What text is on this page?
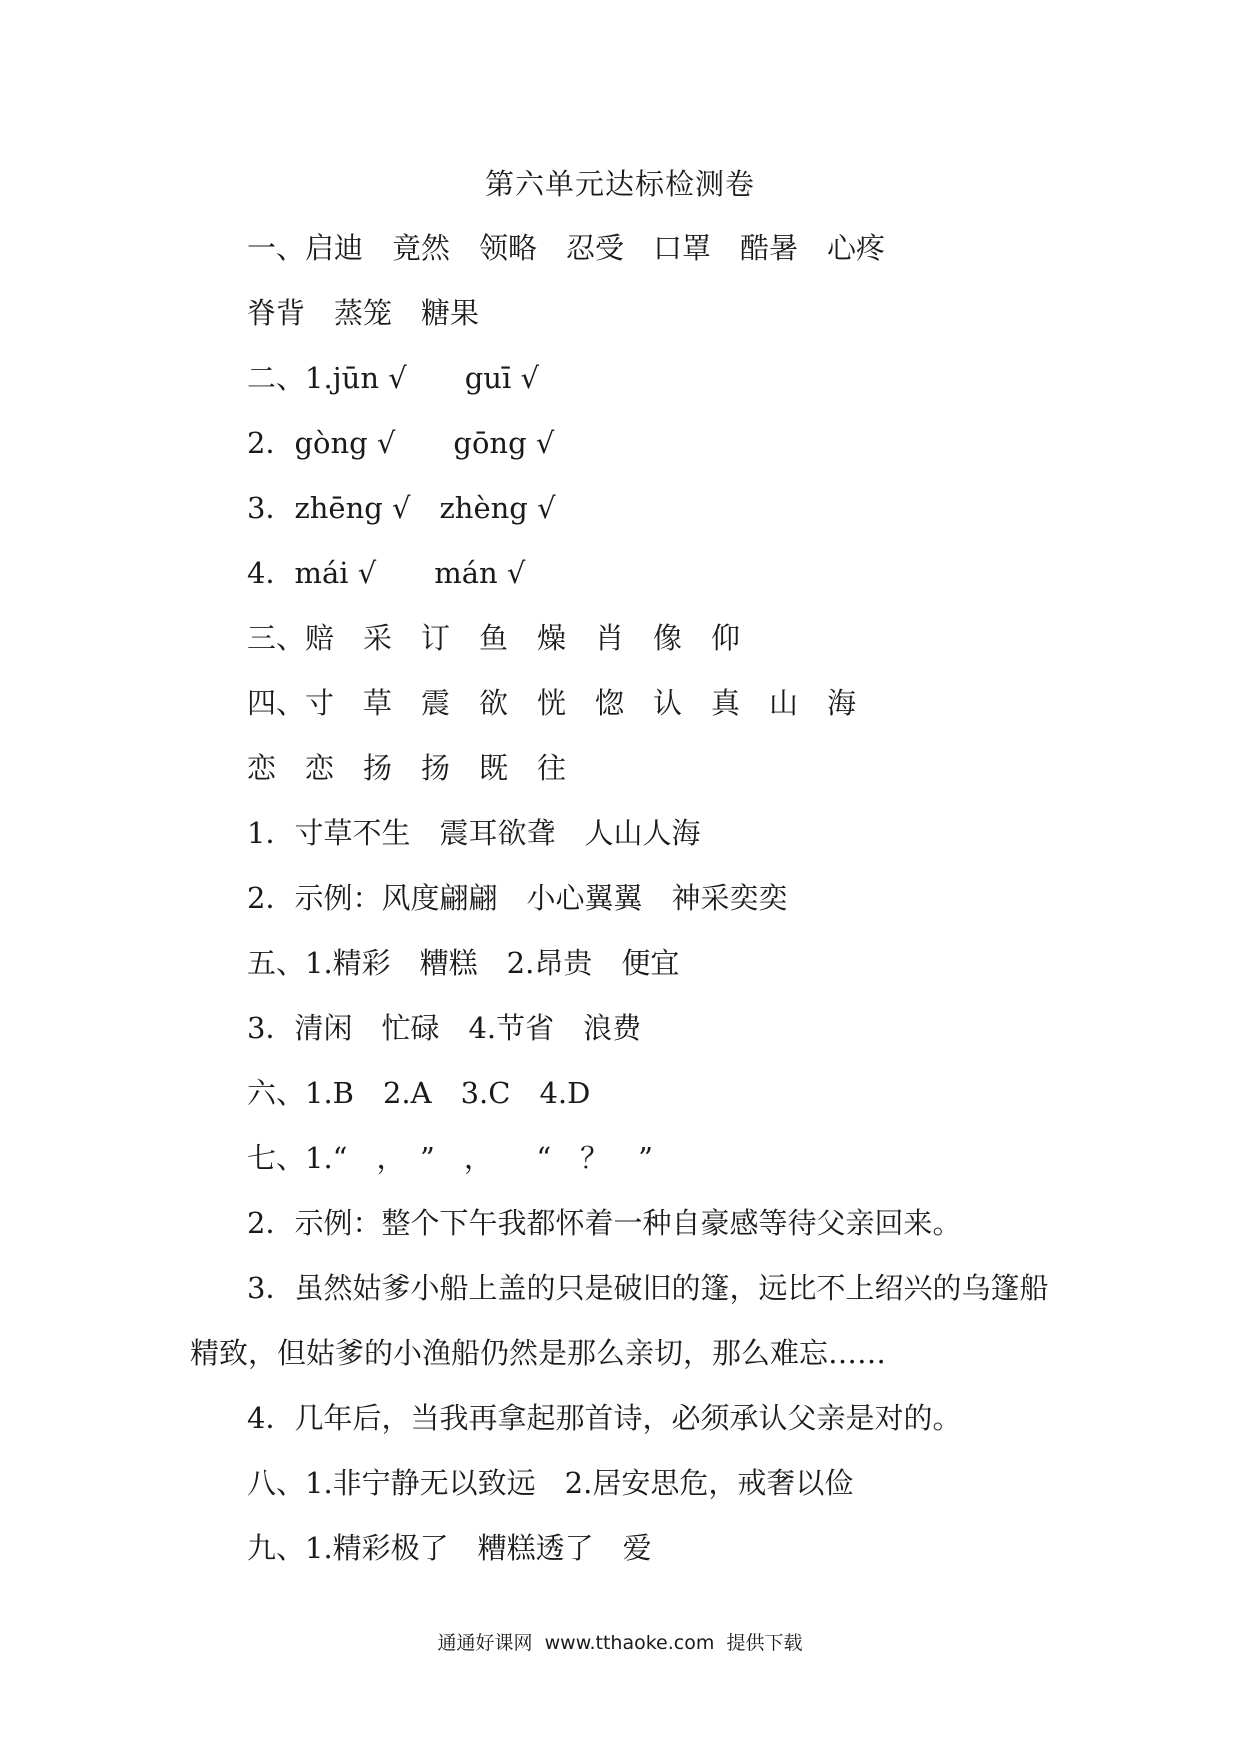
第六单元达标检测卷
一、启迪　竟然　领略　忍受　口罩　酷暑　心疼
脊背　蒸笼　糖果
二、1.jūn √　　guī √
2．gòng √　　gōng √
3．zhēng √　zhèng √
4．mái √　　mán √
三、赔　采　订　鱼　燥　肖　像　仰
四、寸　草　震　欲　恍　惚　认　真　山　海
恋　恋　扬　扬　既　往
1．寸草不生　震耳欲聋　人山人海
2．示例：风度翩翩　小心翼翼　神采奕奕
五、1.精彩　糟糕　2.昂贵　便宜
3．清闲　忙碌　4.节省　浪费
六、1.B　2.A　3.C　4.D
七、1.“　，　”　，　　“　？　”
2．示例：整个下午我都怀着一种自豪感等待父亲回来。
3．虽然姑爹小船上盖的只是破旧的篷，远比不上绍兴的乌篷船
精致，但姑爹的小渔船仍然是那么亲切，那么难忘……
4．几年后，当我再拿起那首诗，必须承认父亲是对的。
八、1.非宁静无以致远　2.居安思危，戒奢以俭
九、1.精彩极了　糟糕透了　爱
通通好课网  www.tthaoke.com  提供下载
